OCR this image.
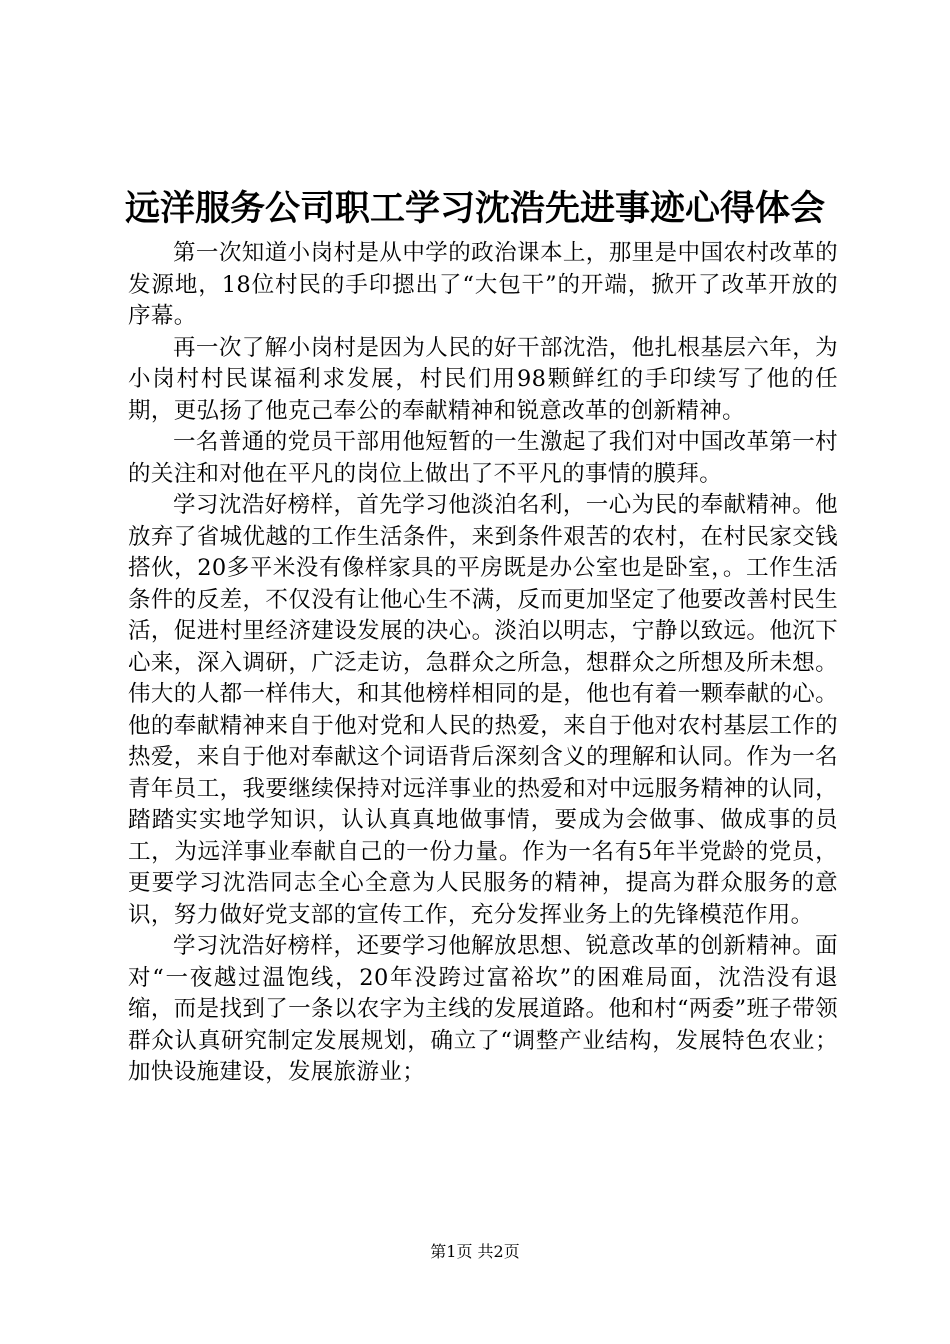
远洋服务公司职工学习沈浩先进事迹心得体会

第一次知道小岗村是从中学的政治课本上，那里是中国农村改革的发源地，18位村民的手印摁出了“大包干”的开端，掀开了改革开放的序幕。

再一次了解小岗村是因为人民的好干部沈浩，他扎根基层六年，为小岗村村民谋福利求发展，村民们用98颗鲜红的手印续写了他的任期，更弘扬了他克己奉公的奉献精神和锐意改革的创新精神。

一名普通的党员干部用他短暂的一生激起了我们对中国改革第一村的关注和对他在平凡的岗位上做出了不平凡的事情的膜拜。

学习沈浩好榜样，首先学习他淡泊名利，一心为民的奉献精神。他放弃了省城优越的工作生活条件，来到条件艰苦的农村，在村民家交钱搭伙，20多平米没有像样家具的平房既是办公室也是卧室，。工作生活条件的反差，不仅没有让他心生不满，反而更加坚定了他要改善村民生活，促进村里经济建设发展的决心。淡泊以明志，宁静以致远。他沉下心来，深入调研，广泛走访，急群众之所急，想群众之所想及所未想。伟大的人都一样伟大，和其他榜样相同的是，他也有着一颗奉献的心。他的奉献精神来自于他对党和人民的热爱，来自于他对农村基层工作的热爱，来自于他对奉献这个词语背后深刻含义的理解和认同。作为一名青年员工，我要继续保持对远洋事业的热爱和对中远服务精神的认同，踏踏实实地学知识，认认真真地做事情，要成为会做事、做成事的员工，为远洋事业奉献自己的一份力量。作为一名有5年半党龄的党员，更要学习沈浩同志全心全意为人民服务的精神，提高为群众服务的意识，努力做好党支部的宣传工作，充分发挥业务上的先锋模范作用。

学习沈浩好榜样，还要学习他解放思想、锐意改革的创新精神。面对“一夜越过温饱线，20年没跨过富裕坎”的困难局面，沈浩没有退缩，而是找到了一条以农字为主线的发展道路。他和村“两委”班子带领群众认真研究制定发展规划，确立了“调整产业结构，发展特色农业；加快设施建设，发展旅游业；

第1页 共2页
